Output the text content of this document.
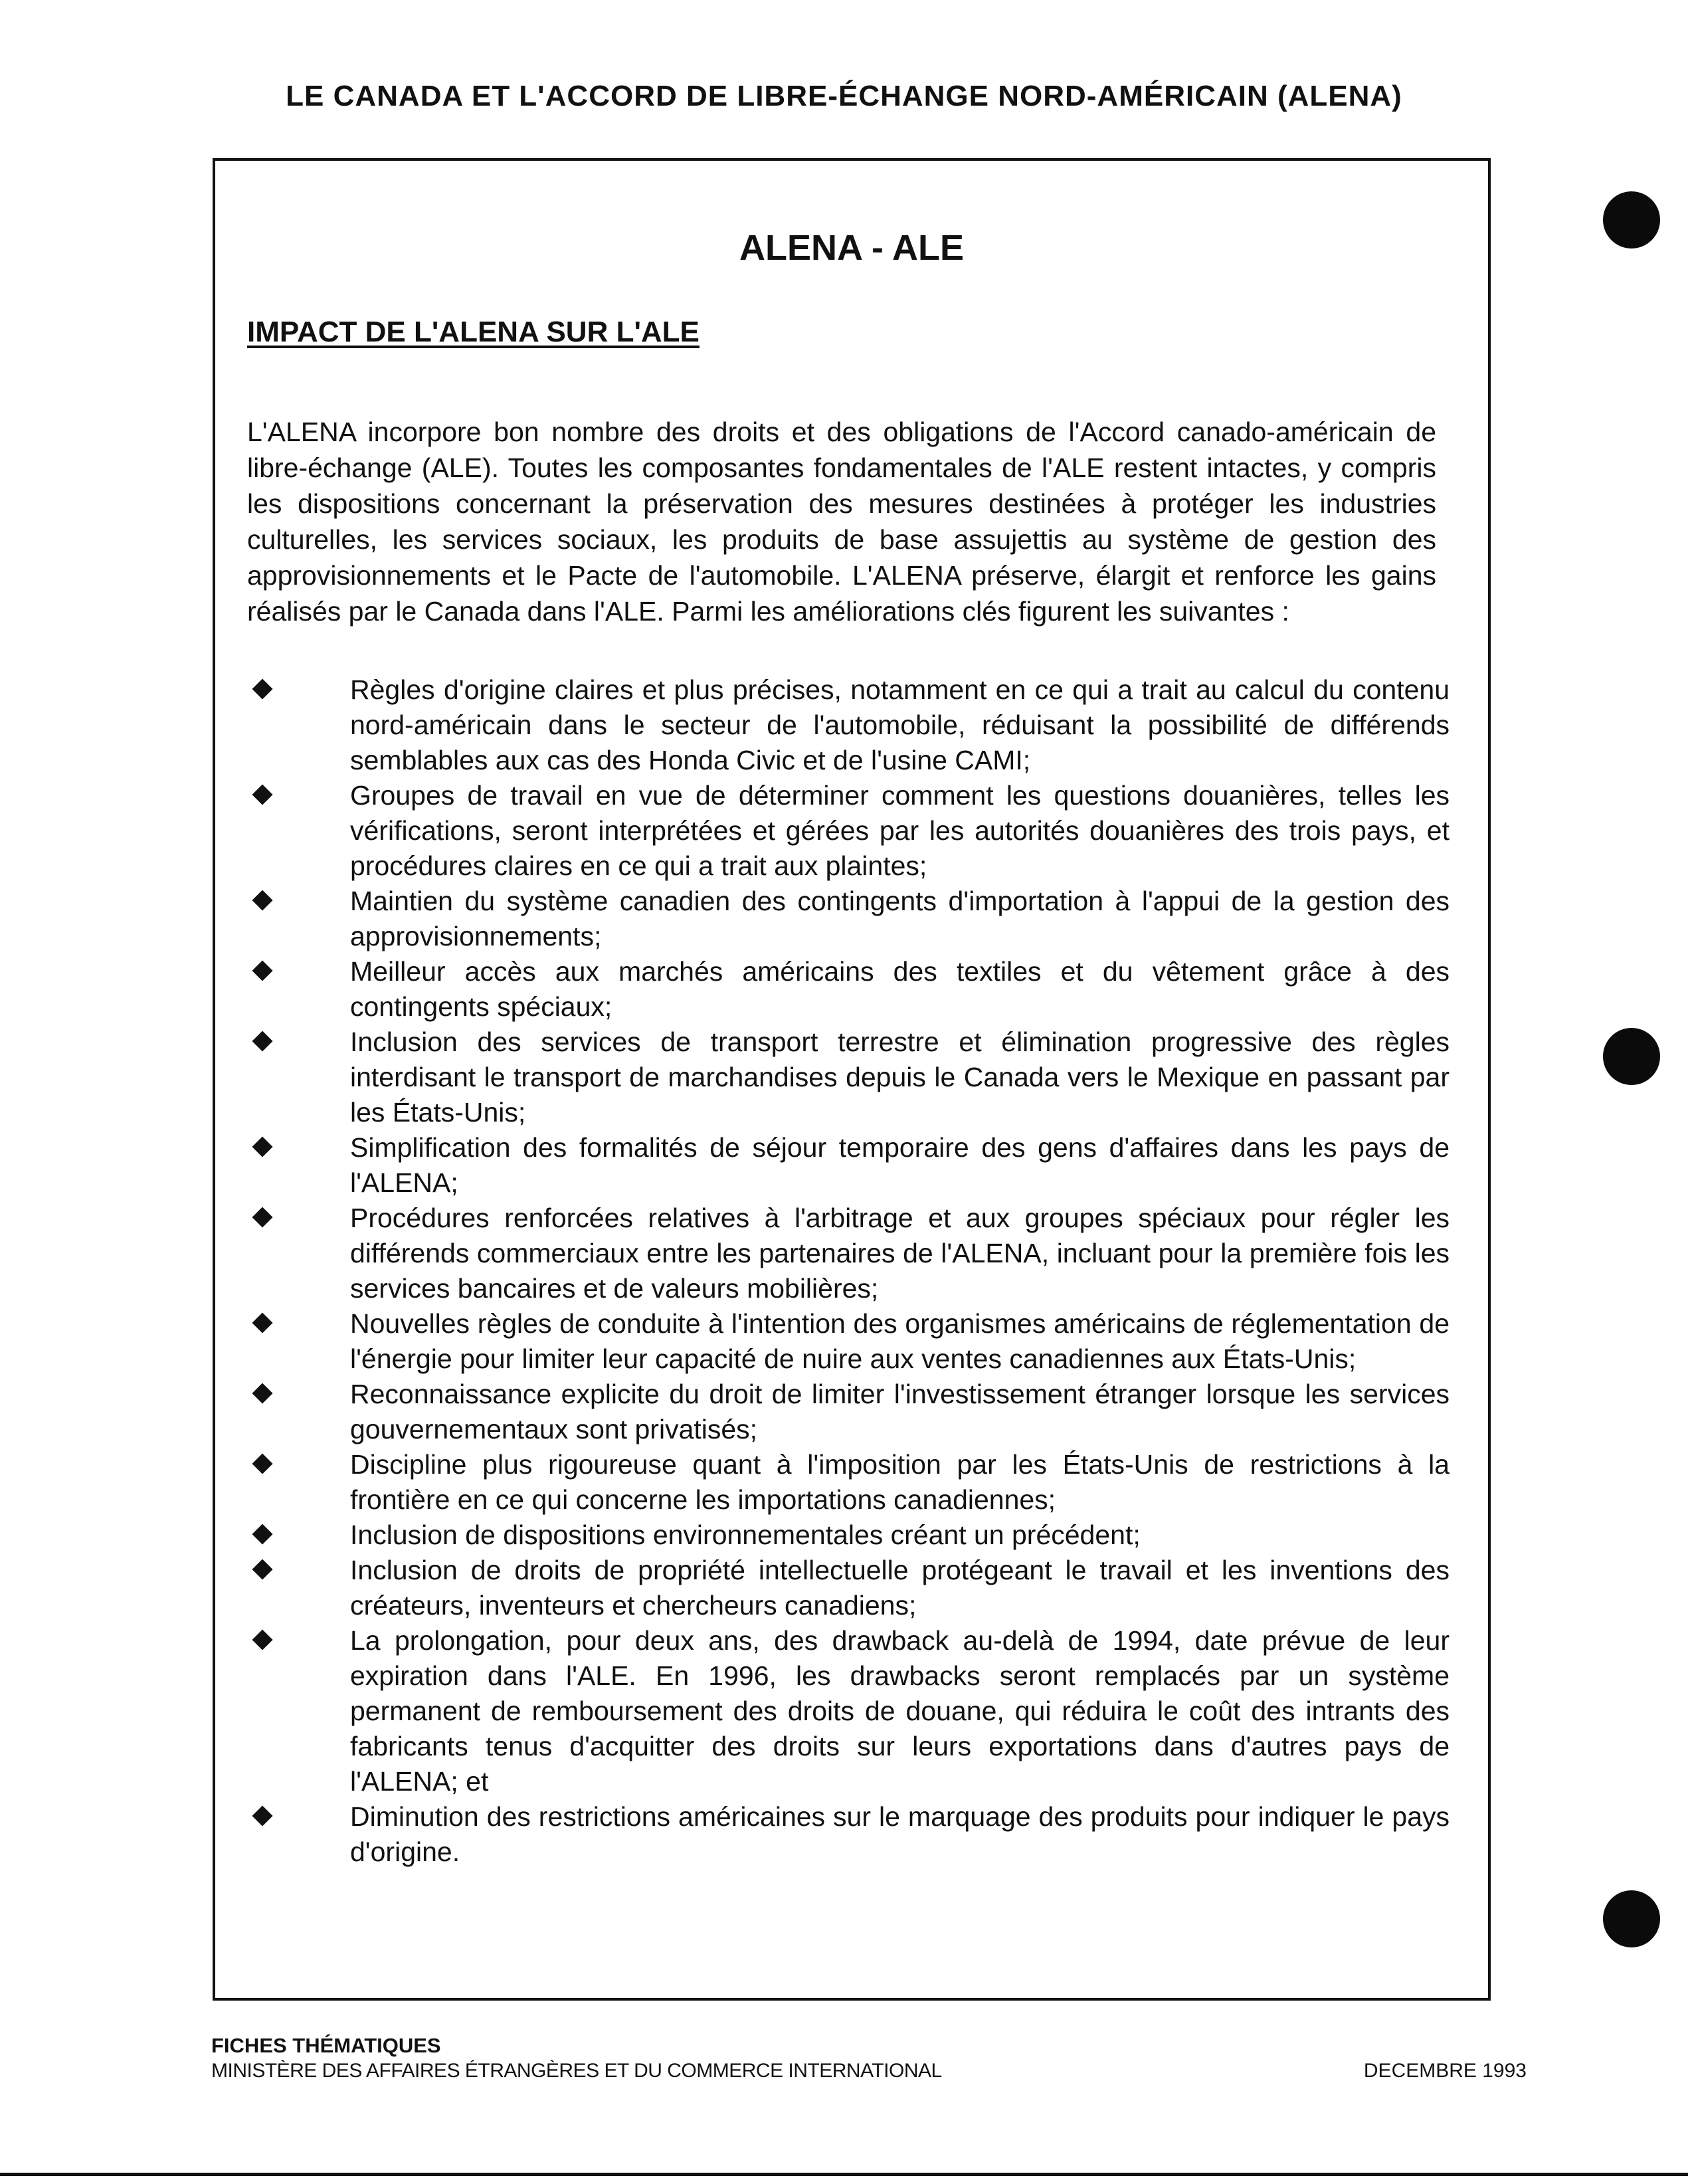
LE CANADA ET L'ACCORD DE LIBRE-ÉCHANGE NORD-AMÉRICAIN (ALENA)
ALENA - ALE
IMPACT DE L'ALENA SUR L'ALE

L'ALENA incorpore bon nombre des droits et des obligations de l'Accord canado-américain de libre-échange (ALE). Toutes les composantes fondamentales de l'ALE restent intactes, y compris les dispositions concernant la préservation des mesures destinées à protéger les industries culturelles, les services sociaux, les produits de base assujettis au système de gestion des approvisionnements et le Pacte de l'automobile. L'ALENA préserve, élargit et renforce les gains réalisés par le Canada dans l'ALE. Parmi les améliorations clés figurent les suivantes :

Règles d'origine claires et plus précises, notamment en ce qui a trait au calcul du contenu nord-américain dans le secteur de l'automobile, réduisant la possibilité de différends semblables aux cas des Honda Civic et de l'usine CAMI;
Groupes de travail en vue de déterminer comment les questions douanières, telles les vérifications, seront interprétées et gérées par les autorités douanières des trois pays, et procédures claires en ce qui a trait aux plaintes;
Maintien du système canadien des contingents d'importation à l'appui de la gestion des approvisionnements;
Meilleur accès aux marchés américains des textiles et du vêtement grâce à des contingents spéciaux;
Inclusion des services de transport terrestre et élimination progressive des règles interdisant le transport de marchandises depuis le Canada vers le Mexique en passant par les États-Unis;
Simplification des formalités de séjour temporaire des gens d'affaires dans les pays de l'ALENA;
Procédures renforcées relatives à l'arbitrage et aux groupes spéciaux pour régler les différends commerciaux entre les partenaires de l'ALENA, incluant pour la première fois les services bancaires et de valeurs mobilières;
Nouvelles règles de conduite à l'intention des organismes américains de réglementation de l'énergie pour limiter leur capacité de nuire aux ventes canadiennes aux États-Unis;
Reconnaissance explicite du droit de limiter l'investissement étranger lorsque les services gouvernementaux sont privatisés;
Discipline plus rigoureuse quant à l'imposition par les États-Unis de restrictions à la frontière en ce qui concerne les importations canadiennes;
Inclusion de dispositions environnementales créant un précédent;
Inclusion de droits de propriété intellectuelle protégeant le travail et les inventions des créateurs, inventeurs et chercheurs canadiens;
La prolongation, pour deux ans, des drawback au-delà de 1994, date prévue de leur expiration dans l'ALE. En 1996, les drawbacks seront remplacés par un système permanent de remboursement des droits de douane, qui réduira le coût des intrants des fabricants tenus d'acquitter des droits sur leurs exportations dans d'autres pays de l'ALENA; et
Diminution des restrictions américaines sur le marquage des produits pour indiquer le pays d'origine.
FICHES THÉMATIQUES
MINISTÈRE DES AFFAIRES ÉTRANGÈRES ET DU COMMERCE INTERNATIONAL	DECEMBRE 1993
